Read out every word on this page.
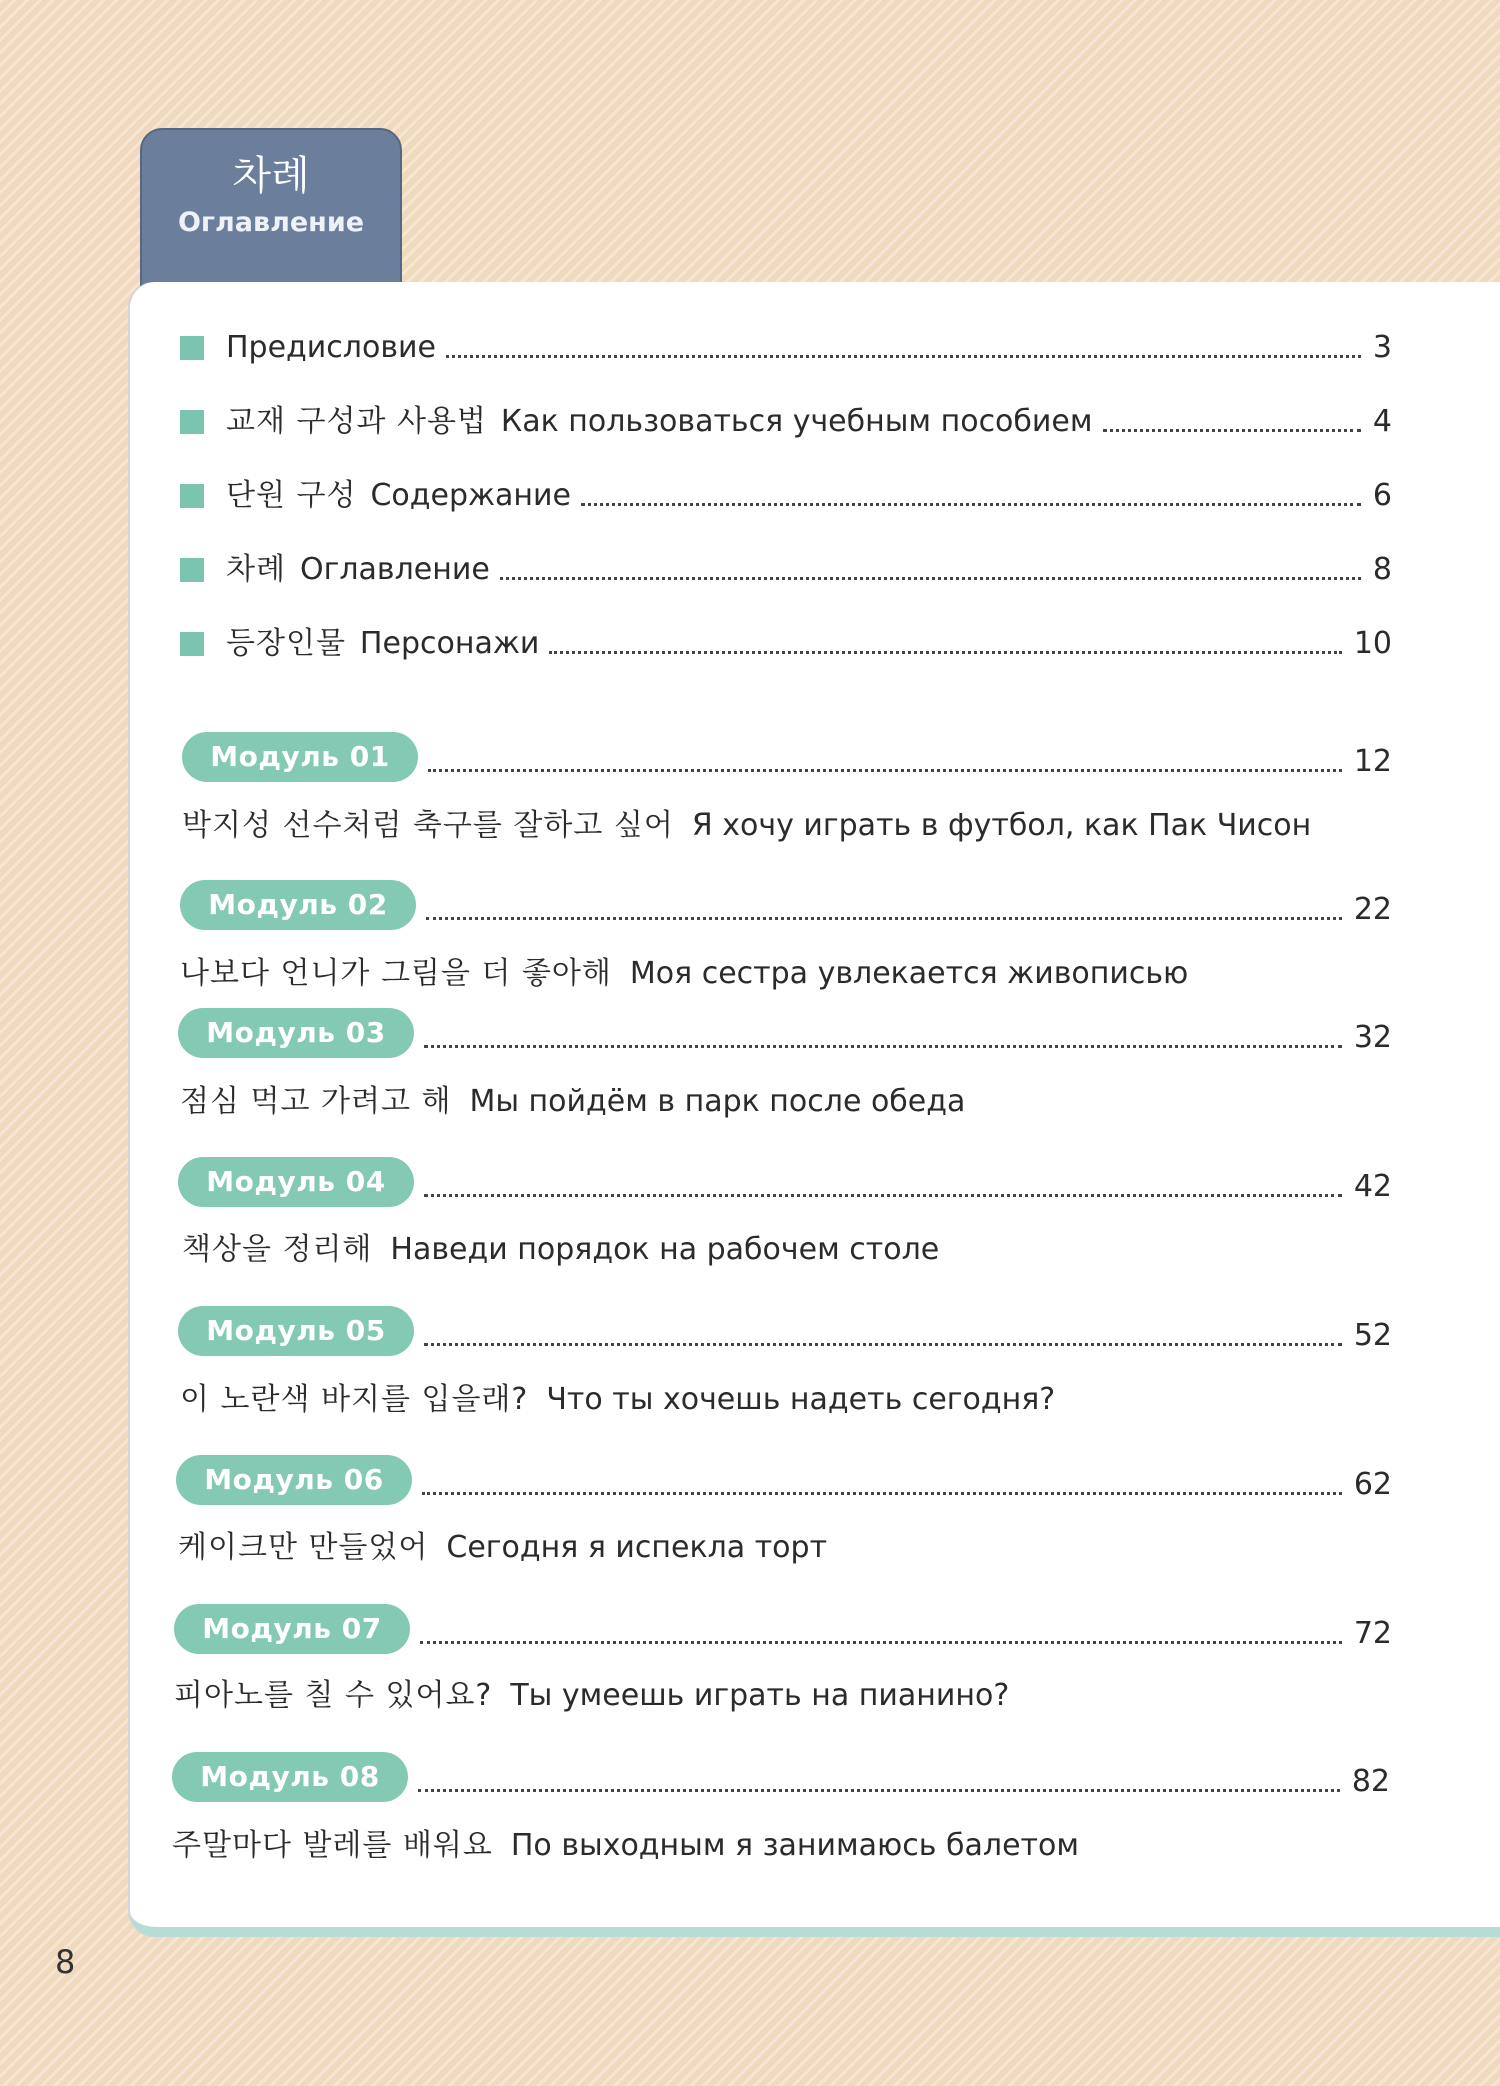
차례
Оглавление
Предисловие	3
교재 구성과 사용법 Как пользоваться учебным пособием	4
단원 구성 Содержание	6
차례 Оглавление	8
등장인물 Персонажи	10
Модуль 01	12
박지성 선수처럼 축구를 잘하고 싶어 Я хочу играть в футбол, как Пак Чисон
Модуль 02	22
나보다 언니가 그림을 더 좋아해 Моя сестра увлекается живописью
Модуль 03	32
점심 먹고 가려고 해 Мы пойдём в парк после обеда
Модуль 04	42
책상을 정리해 Наведи порядок на рабочем столе
Модуль 05	52
이 노란색 바지를 입을래? Что ты хочешь надеть сегодня?
Модуль 06	62
케이크만 만들었어 Сегодня я испекла торт
Модуль 07	72
피아노를 칠 수 있어요? Ты умеешь играть на пианино?
Модуль 08	82
주말마다 발레를 배워요 По выходным я занимаюсь балетом
8
